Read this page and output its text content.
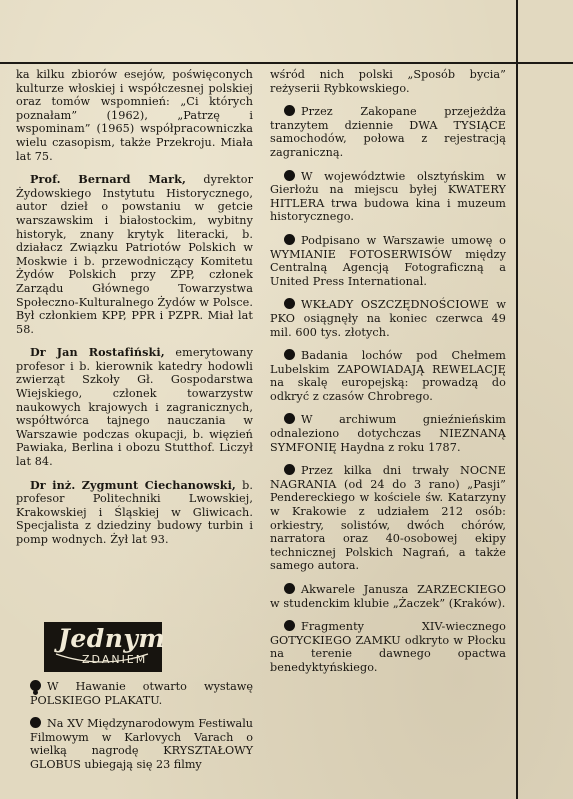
ka kilku zbiorów esejów, poświęconych kulturze włoskiej i współczesnej polskiej oraz tomów wspomnień: „Ci których poznałam” (1962), „Patrzę i wspominam” (1965) współpracowniczka wielu czasopism, także Przekroju. Miała lat 75.

Prof. Bernard Mark, dyrektor Żydowskiego Instytutu Historycznego, autor dzieł o powstaniu w getcie warszawskim i białostockim, wybitny historyk, znany krytyk literacki, b. działacz Związku Patriotów Polskich w Moskwie i b. przewodniczący Komitetu Żydów Polskich przy ZPP, członek Zarządu Głównego Towarzystwa Społeczno-Kulturalnego Żydów w Polsce. Był członkiem KPP, PPR i PZPR. Miał lat 58.

Dr Jan Rostafiński, emerytowany profesor i b. kierownik katedry hodowli zwierząt Szkoły Gł. Gospodarstwa Wiejskiego, członek towarzystw naukowych krajowych i zagranicznych, współtwórca tajnego nauczania w Warszawie podczas okupacji, b. więzień Pawiaka, Berlina i obozu Stutthof. Liczył lat 84.

Dr inż. Zygmunt Ciechanowski, b. profesor Politechniki Lwowskiej, Krakowskiej i Śląskiej w Gliwicach. Specjalista z dziedziny budowy turbin i pomp wodnych. Żył lat 93.

Jednym
ZDANIEM

W Hawanie otwarto wystawę POLSKIEGO PLAKATU.

Na XV Międzynarodowym Festiwalu Filmowym w Karlovych Varach o wielką nagrodę KRYSZTAŁOWY GLOBUS ubiegają się 23 filmy

wśród nich polski „Sposób bycia” reżyserii Rybkowskiego.

Przez Zakopane przejeżdża tranzytem dziennie DWA TYSIĄCE samochodów, połowa z rejestracją zagraniczną.

W województwie olsztyńskim w Gierłożu na miejscu byłej KWATERY HITLERA trwa budowa kina i muzeum historycznego.

Podpisano w Warszawie umowę o WYMIANIE FOTOSERWISÓW między Centralną Agencją Fotograficzną a United Press International.

WKŁADY OSZCZĘDNOŚCIOWE w PKO osiągnęły na koniec czerwca 49 mil. 600 tys. złotych.

Badania lochów pod Chełmem Lubelskim ZAPOWIADAJĄ REWELACJĘ na skalę europejską: prowadzą do odkryć z czasów Chrobrego.

W archiwum gnieźnieńskim odnaleziono dotychczas NIEZNANĄ SYMFONIĘ Haydna z roku 1787.

Przez kilka dni trwały NOCNE NAGRANIA (od 24 do 3 rano) „Pasji” Pendereckiego w kościele św. Katarzyny w Krakowie z udziałem 212 osób: orkiestry, solistów, dwóch chórów, narratora oraz 40-osobowej ekipy technicznej Polskich Nagrań, a także samego autora.

Akwarele Janusza ZARZECKIEGO w studenckim klubie „Żaczek” (Kraków).

Fragmenty XIV-wiecznego GOTYCKIEGO ZAMKU odkryto w Płocku na terenie dawnego opactwa benedyktyńskiego.
